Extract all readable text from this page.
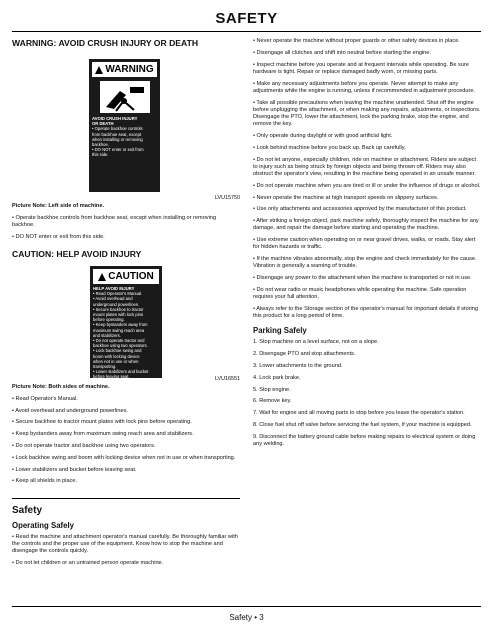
SAFETY
WARNING: AVOID CRUSH INJURY OR DEATH
WARNING
AVOID CRUSH INJURY
OR DEATH
• Operate backhoe controls
from backhoe seat, except
when installing or removing
backhoe.
• DO NOT enter or exit from
this side.
LVU15750
Picture Note: Left side of machine.
• Operate backhoe controls from backhoe seat, except when installing or removing backhoe.
• DO NOT enter or exit from this side.
CAUTION: HELP AVOID INJURY
CAUTION
HELP AVOID INJURY
• Read Operator's Manual.
• Avoid overhead and
underground powerlines.
• Secure backhoe to tractor
mount plates with lock pins
before operating.
• Keep bystanders away from
maximum swing reach area
and stabilizers.
• Do not operate tractor and
backhoe using two operators.
• Lock backhoe swing and
boom with locking device
when not in use or when
transporting.
• Lower stabilizers and bucket
before leaving seat.
• Keep all shields in place.
LVU16551
Picture Note: Both sides of machine.
• Read Operator's Manual.
• Avoid overhead and underground powerlines.
• Secure backhoe to tractor mount plates with lock pins before operating.
• Keep bystanders away from maximum swing reach area and stabilizers.
• Do not operate tractor and backhoe using two operators.
• Lock backhoe swing and boom with locking device when not in use or when transporting.
• Lower stabilizers and bucket before leaving seat.
• Keep all shields in place.
Safety
Operating Safely
• Read the machine and attachment operator's manual carefully. Be thoroughly familiar with the controls and the proper use of the equipment. Know how to stop the machine and disengage the controls quickly.
• Do not let children or an untrained person operate machine.
• Never operate the machine without proper guards or other safety devices in place.
• Disengage all clutches and shift into neutral before starting the engine.
• Inspect machine before you operate and at frequent intervals while operating. Be sure hardware is tight. Repair or replace damaged badly worn, or missing parts.
• Make any necessary adjustments before you operate. Never attempt to make any adjustments while the engine is running, unless if recommended in adjustment procedure.
• Take all possible precautions when leaving the machine unattended. Shut off the engine before unplugging the attachment, or when making any repairs, adjustments, or inspections. Disengage the PTO, lower the attachment, lock the parking brake, stop the engine, and remove the key.
• Only operate during daylight or with good artificial light.
• Look behind machine before you back up. Back up carefully.
• Do not let anyone, especially children, ride on machine or attachment. Riders are subject to injury such as being struck by foreign objects and being thrown off. Riders may also obstruct the operator's view, resulting in the machine being operated in an unsafe manner.
• Do not operate machine when you are tired or ill or under the influence of drugs or alcohol.
• Never operate the machine at high transport speeds on slippery surfaces.
• Use only attachments and accessories approved by the manufacturer of this product.
• After striking a foreign object, park machine safely, thoroughly inspect the machine for any damage, and repair the damage before starting and operating the machine.
• Use extreme caution when operating on or near gravel drives, walks, or roads. Stay alert for hidden hazards or traffic.
• If the machine vibrates abnormally, stop the engine and check immediately for the cause. Vibration is generally a warning of trouble.
• Disengage any power to the attachment when the machine is transported or not in use.
• Do not wear radio or music headphones while operating the machine. Safe operation requires your full attention.
• Always refer to the Storage section of the operator's manual for important details if storing this product for a long period of time.
Parking Safely
1. Stop machine on a level surface, not on a slope.
2. Disengage PTO and stop attachments.
3. Lower attachments to the ground.
4. Lock park brake.
5. Stop engine.
6. Remove key.
7. Wait for engine and all moving parts to stop before you leave the operator's station.
8. Close fuel shut off valve before servicing the fuel system, if your machine is equipped.
9. Disconnect the battery ground cable before making repairs to electrical system or doing any welding.
Safety • 3
